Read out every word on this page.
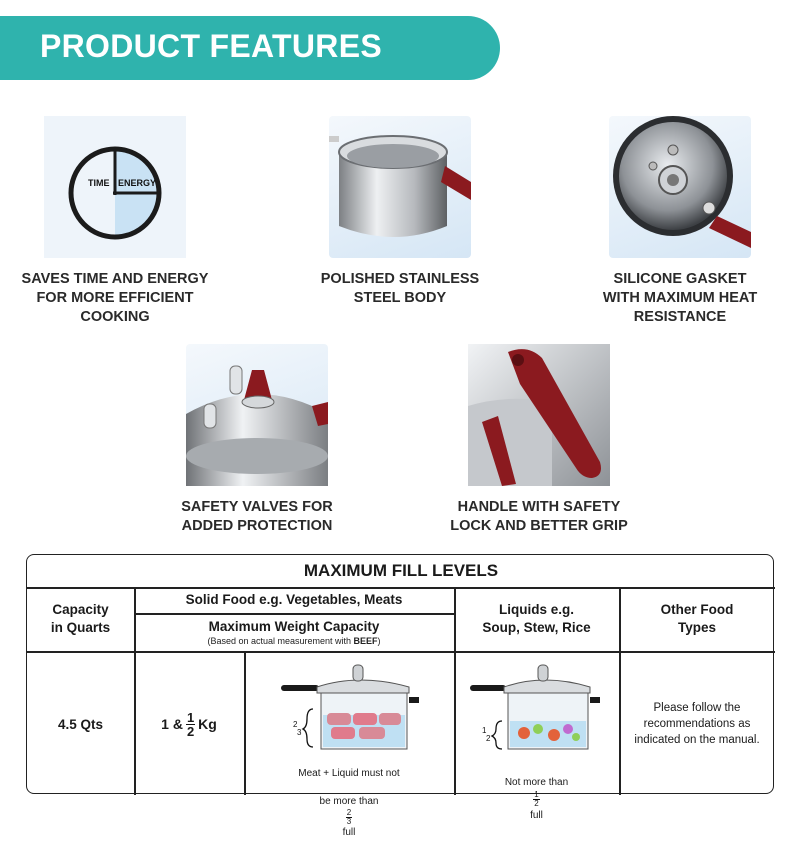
PRODUCT FEATURES
TIME ENERGY
SAVES TIME AND ENERGY
FOR MORE EFFICIENT
COOKING
POLISHED STAINLESS
STEEL BODY
SILICONE GASKET
WITH MAXIMUM HEAT
RESISTANCE
SAFETY VALVES FOR
ADDED PROTECTION
HANDLE WITH SAFETY
LOCK AND BETTER GRIP
MAXIMUM FILL LEVELS
Capacity
in Quarts
Solid Food e.g. Vegetables, Meats
Maximum Weight Capacity
(Based on actual measurement with BEEF)
Liquids e.g.
Soup, Stew, Rice
Other Food
Types
4.5 Qts	1 & $\frac{1}{2}$ Kg	2
3

Meat + Liquid must not

be more than

$\frac{2}{3}$

full

1
2

Not more than

$\frac{1}{2}$

full

Please follow the
recommendations as
indicated on the manual.
